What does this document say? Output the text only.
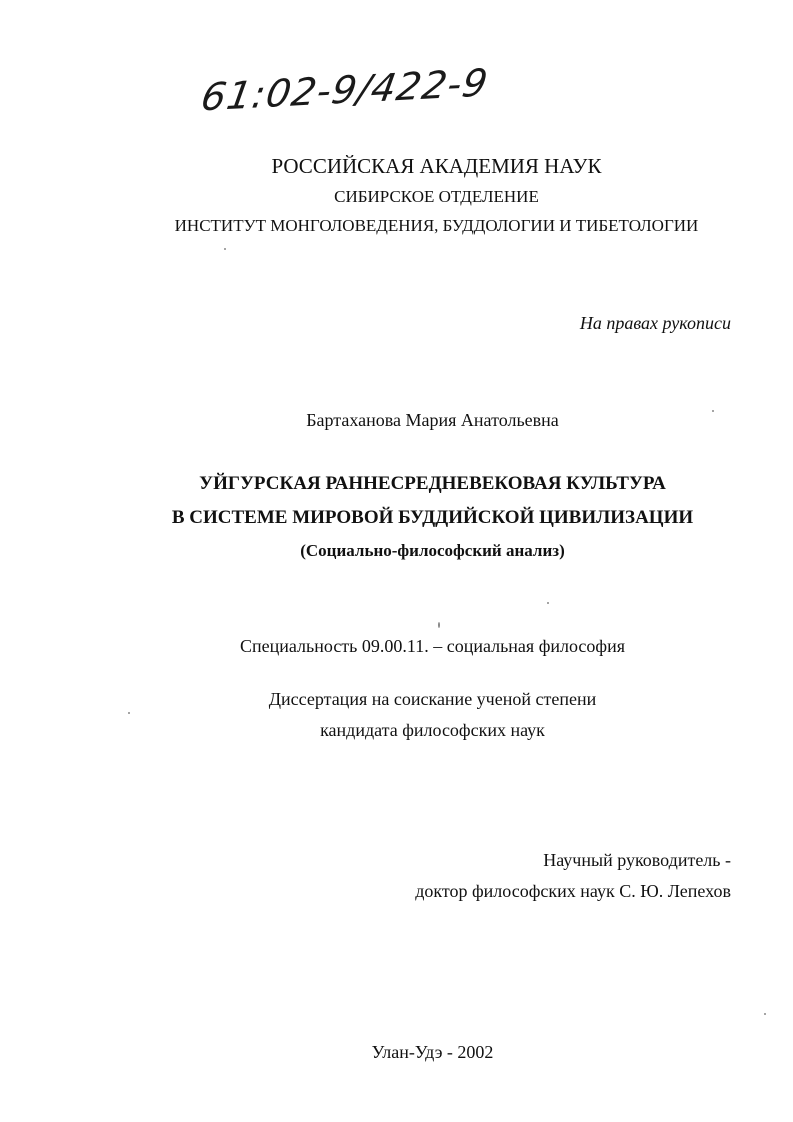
61:02-9/422-9
РОССИЙСКАЯ АКАДЕМИЯ НАУК
СИБИРСКОЕ ОТДЕЛЕНИЕ
ИНСТИТУТ МОНГОЛОВЕДЕНИЯ, БУДДОЛОГИИ И ТИБЕТОЛОГИИ
На правах рукописи
Бартаханова Мария Анатольевна
УЙГУРСКАЯ РАННЕСРЕДНЕВЕКОВАЯ КУЛЬТУРА
В СИСТЕМЕ МИРОВОЙ БУДДИЙСКОЙ ЦИВИЛИЗАЦИИ
(Социально-философский анализ)
Специальность 09.00.11. – социальная философия
Диссертация на соискание ученой степени
кандидата философских наук
Научный руководитель -
доктор философских наук С. Ю. Лепехов
Улан-Удэ - 2002
